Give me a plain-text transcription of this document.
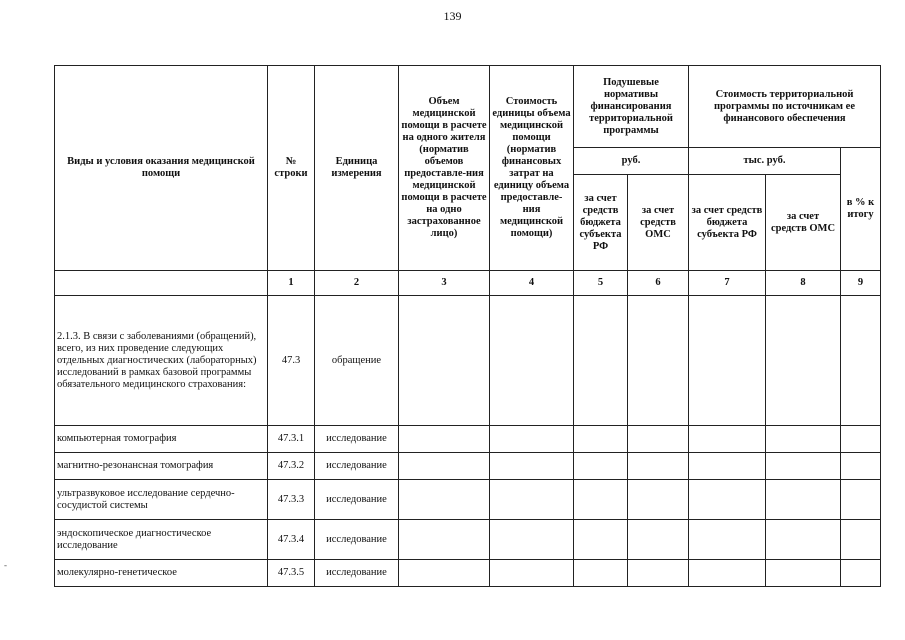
139
Виды и условия оказания медицинской помощи	№ строки	Единица измерения	Объем медицинской помощи в расчете на одного жителя (норматив объемов предоставле-ния медицинской помощи в расчете на одно застрахованное лицо)	Стоимость единицы объема медицинской помощи (норматив финансовых затрат на единицу объема предоставле-ния медицинской помощи)	Подушевые нормативы финансирования территориальной программы		Стоимость территориальной программы по источникам ее финансового обеспечения		
					руб.		тыс. руб.		в % к итогу
					за счет средств бюджета субъекта РФ	за счет средств ОМС	за счет средств бюджета субъекта РФ	за счет средств ОМС	
	1	2	3	4	5	6	7	8	9
2.1.3. В связи с заболеваниями (обращений), всего, из них проведение следующих отдельных диагностических (лабораторных) исследований в рамках базовой программы обязательного медицинского страхования:	47.3	обращение							
компьютерная томография	47.3.1	исследование							
магнитно-резонансная томография	47.3.2	исследование							
ультразвуковое исследование сердечно-сосудистой системы	47.3.3	исследование							
эндоскопическое диагностическое исследование	47.3.4	исследование							
молекулярно-генетическое	47.3.5	исследование							
-
